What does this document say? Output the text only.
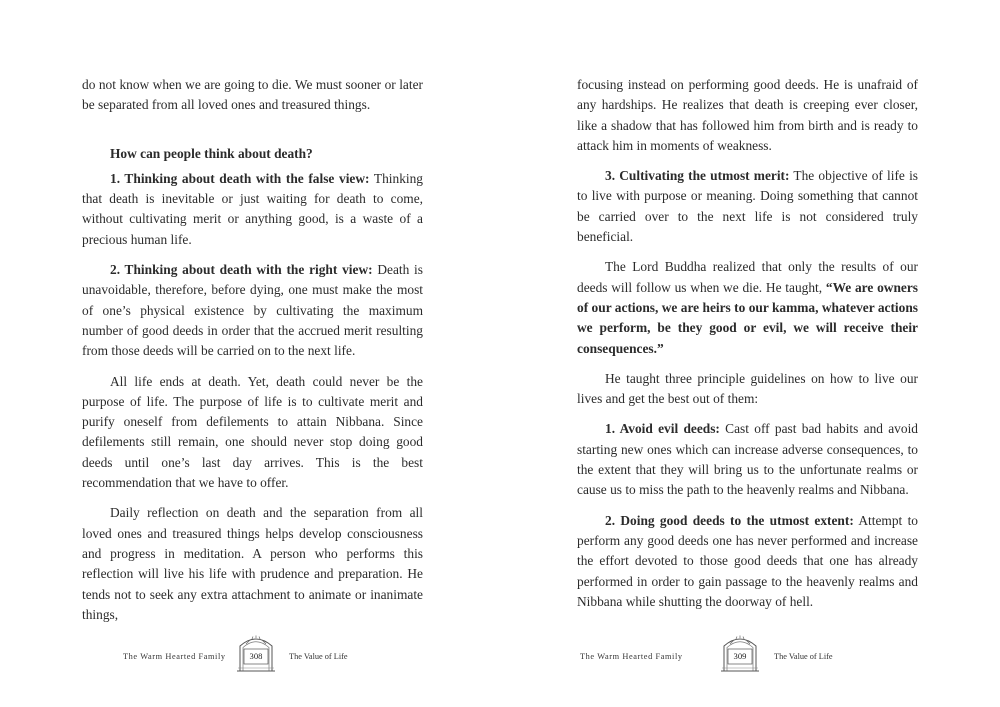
do not know when we are going to die. We must sooner or later be separated from all loved ones and treasured things.

How can people think about death?

1. Thinking about death with the false view: Thinking that death is inevitable or just waiting for death to come, without cultivating merit or anything good, is a waste of a precious human life.

2. Thinking about death with the right view: Death is unavoidable, therefore, before dying, one must make the most of one’s physical existence by cultivating the maximum number of good deeds in order that the accrued merit resulting from those deeds will be carried on to the next life.

All life ends at death. Yet, death could never be the purpose of life. The purpose of life is to cultivate merit and purify oneself from defilements to attain Nibbana. Since defilements still remain, one should never stop doing good deeds until one’s last day arrives. This is the best recommendation that we have to offer.

Daily reflection on death and the separation from all loved ones and treasured things helps develop consciousness and progress in meditation. A person who performs this reflection will live his life with prudence and preparation. He tends not to seek any extra attachment to animate or inanimate things,

The Warm Hearted Family	308	The Value of Life

focusing instead on performing good deeds. He is unafraid of any hardships. He realizes that death is creeping ever closer, like a shadow that has followed him from birth and is ready to attack him in moments of weakness.

3. Cultivating the utmost merit: The objective of life is to live with purpose or meaning. Doing something that cannot be carried over to the next life is not considered truly beneficial.

The Lord Buddha realized that only the results of our deeds will follow us when we die. He taught, “We are owners of our actions, we are heirs to our kamma, whatever actions we perform, be they good or evil, we will receive their consequences.”

He taught three principle guidelines on how to live our lives and get the best out of them:

1. Avoid evil deeds: Cast off past bad habits and avoid starting new ones which can increase adverse consequences, to the extent that they will bring us to the unfortunate realms or cause us to miss the path to the heavenly realms and Nibbana.

2. Doing good deeds to the utmost extent: Attempt to perform any good deeds one has never performed and increase the effort devoted to those good deeds that one has already performed in order to gain passage to the heavenly realms and Nibbana while shutting the doorway of hell.

The Warm Hearted Family	309	The Value of Life
